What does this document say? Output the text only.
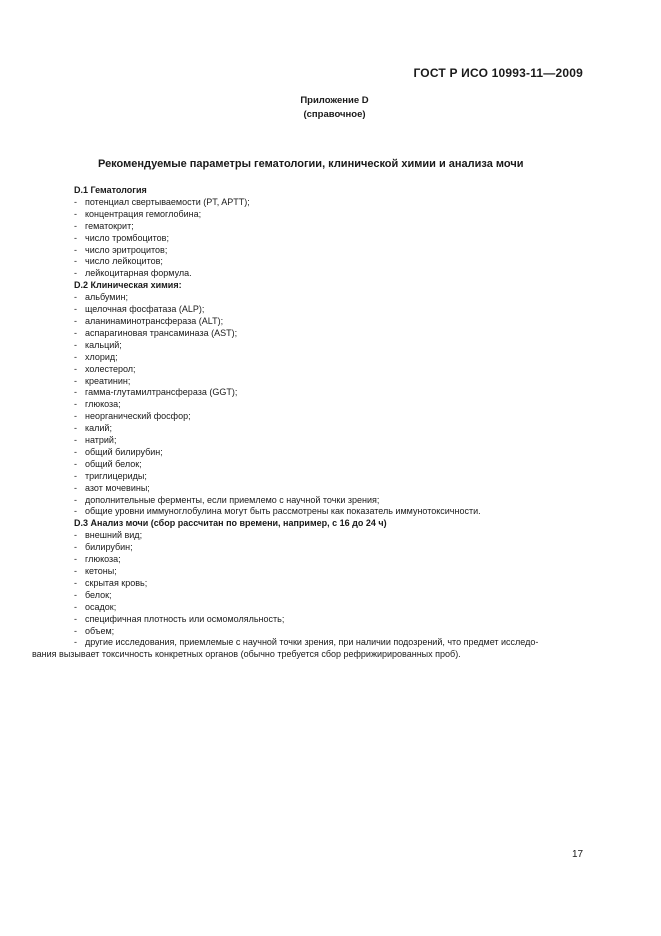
ГОСТ Р ИСО 10993-11—2009
Приложение D
(справочное)
Рекомендуемые параметры гематологии, клинической химии и анализа мочи
D.1 Гематология
- потенциал свертываемости (PT, APTT);
- концентрация гемоглобина;
- гематокрит;
- число тромбоцитов;
- число эритроцитов;
- число лейкоцитов;
- лейкоцитарная формула.
D.2 Клиническая химия:
- альбумин;
- щелочная фосфатаза (ALP);
- аланинаминотрансфераза (ALT);
- аспарагиновая трансаминаза (AST);
- кальций;
- хлорид;
- холестерол;
- креатинин;
- гамма-глутамилтрансфераза (GGT);
- глюкоза;
- неорганический фосфор;
- калий;
- натрий;
- общий билирубин;
- общий белок;
- триглицериды;
- азот мочевины;
- дополнительные ферменты, если приемлемо с научной точки зрения;
- общие уровни иммуноглобулина могут быть рассмотрены как показатель иммунотоксичности.
D.3 Анализ мочи (сбор рассчитан по времени, например, с 16 до 24 ч)
- внешний вид;
- билирубин;
- глюкоза;
- кетоны;
- скрытая кровь;
- белок;
- осадок;
- специфичная плотность или осмомоляльность;
- объем;
- другие исследования, приемлемые с научной точки зрения, при наличии подозрений, что предмет исследо-
вания вызывает токсичность конкретных органов (обычно требуется сбор рефрижирированных проб).
17
